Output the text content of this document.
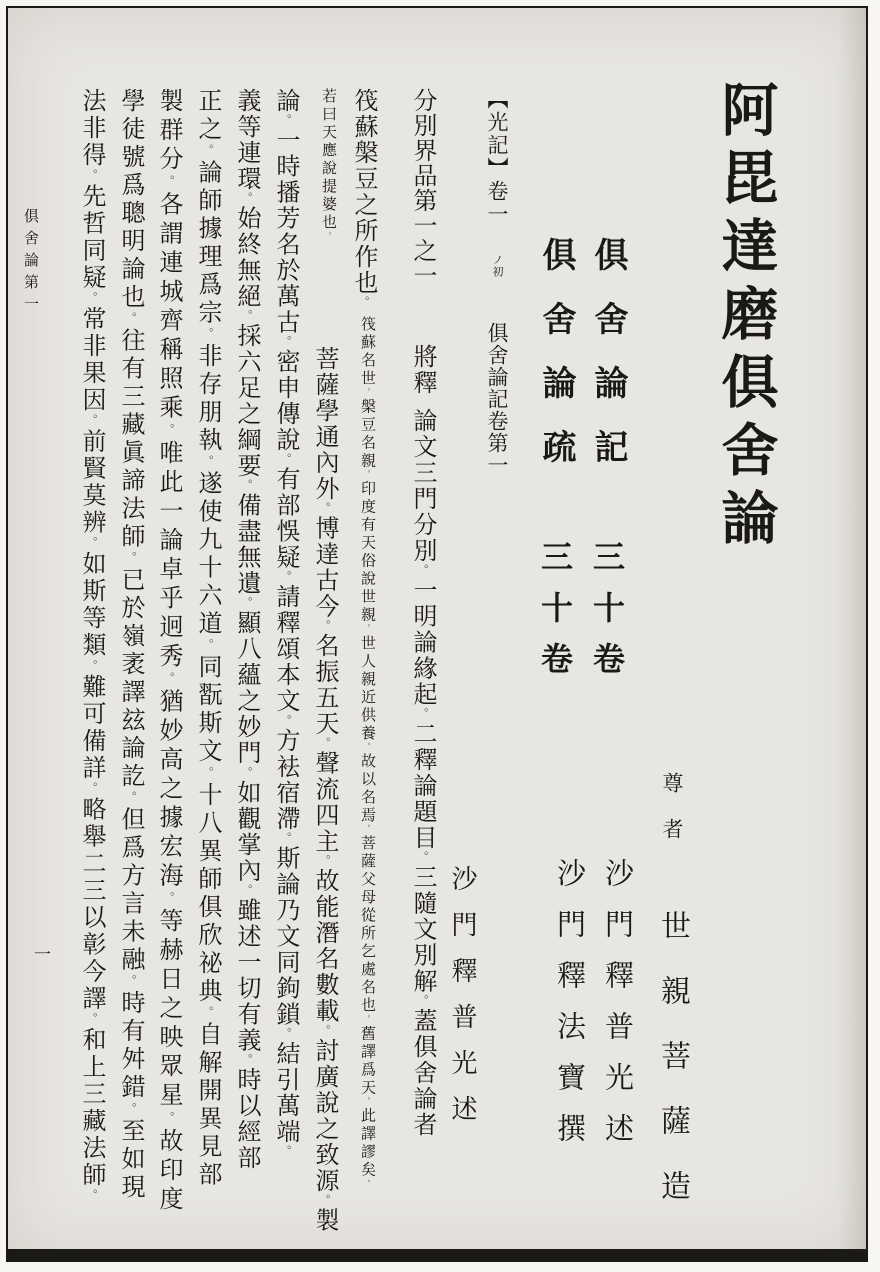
阿毘達磨俱舍論
俱舍論記 三十卷
俱舍論疏 三十卷
尊者 世親菩薩造
沙門釋普光述
沙門釋法寶撰
【光記】卷一 ノ初 俱舍論記卷第一
沙門釋普光述
分別界品第一之一將釋論文三門分別。一明論緣起。二釋論題目。三隨文別解。蓋俱舍論者
筏蘇槃豆之所作也。筏蘇名世。槃豆名親。印度有天俗說世親。世人親近供養。故以名焉。菩薩父母從所乞處名也。舊譯爲天。此譯謬矣。
若曰天應說提婆也。菩薩學通內外。博達古今。名振五天。聲流四主。故能潛名數載。討廣說之致源。製
論。一時播芳名於萬古。密申傳說。有部悞疑。請釋頌本文。方袪宿滯。斯論乃文同鉤鎖。結引萬端。
義等連環。始終無絕。採六足之綱要。備盡無遺。顯八蘊之妙門。如觀掌內。雖述一切有義。時以經部
正之。論師據理爲宗。非存朋執。遂使九十六道。同翫斯文。十八異師俱欣祕典。自解開異見部
製群分。各謂連城齊稱照乘。唯此一論卓乎迥秀。猶妙高之據宏海。等赫日之映眾星。故印度
學徒號爲聰明論也。往有三藏眞諦法師。已於嶺袤譯玆論訖。但爲方言未融。時有舛錯。至如現
法非得。先哲同疑。常非果因。前賢莫辨。如斯等類。難可備詳。略舉二三以彰今譯。和上三藏法師。
俱舍論第一
一
